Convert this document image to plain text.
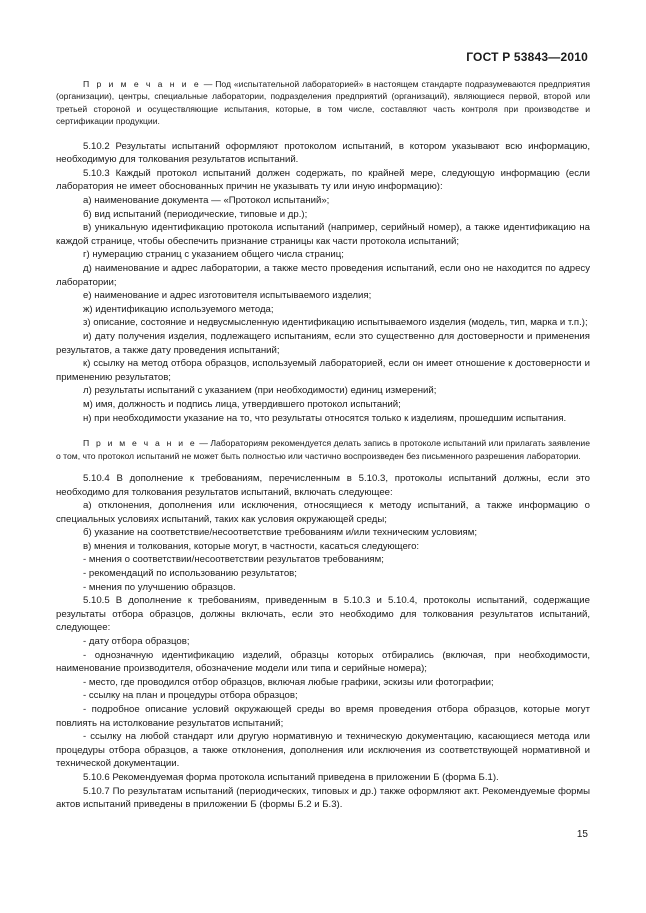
ГОСТ Р 53843—2010

П р и м е ч а н и е — Под «испытательной лабораторией» в настоящем стандарте подразумеваются предприятия (организации), центры, специальные лаборатории, подразделения предприятий (организаций), являющиеся первой, второй или третьей стороной и осуществляющие испытания, которые, в том числе, составляют часть контроля при производстве и сертификации продукции.

5.10.2 Результаты испытаний оформляют протоколом испытаний, в котором указывают всю информацию, необходимую для толкования результатов испытаний.

5.10.3 Каждый протокол испытаний должен содержать, по крайней мере, следующую информацию (если лаборатория не имеет обоснованных причин не указывать ту или иную информацию):

а) наименование документа — «Протокол испытаний»;

б) вид испытаний (периодические, типовые и др.);

в) уникальную идентификацию протокола испытаний (например, серийный номер), а также идентификацию на каждой странице, чтобы обеспечить признание страницы как части протокола испытаний;

г) нумерацию страниц с указанием общего числа страниц;

д) наименование и адрес лаборатории, а также место проведения испытаний, если оно не находится по адресу лаборатории;

е) наименование и адрес изготовителя испытываемого изделия;

ж) идентификацию используемого метода;

з) описание, состояние и недвусмысленную идентификацию испытываемого изделия (модель, тип, марка и т.п.);

и) дату получения изделия, подлежащего испытаниям, если это существенно для достоверности и применения результатов, а также дату проведения испытаний;

к) ссылку на метод отбора образцов, используемый лабораторией, если он имеет отношение к достоверности и применению результатов;

л) результаты испытаний с указанием (при необходимости) единиц измерений;

м) имя, должность и подпись лица, утвердившего протокол испытаний;

н) при необходимости указание на то, что результаты относятся только к изделиям, прошедшим испытания.

П р и м е ч а н и е — Лабораториям рекомендуется делать запись в протоколе испытаний или прилагать заявление о том, что протокол испытаний не может быть полностью или частично воспроизведен без письменного разрешения лаборатории.

5.10.4 В дополнение к требованиям, перечисленным в 5.10.3, протоколы испытаний должны, если это необходимо для толкования результатов испытаний, включать следующее:

а) отклонения, дополнения или исключения, относящиеся к методу испытаний, а также информацию о специальных условиях испытаний, таких как условия окружающей среды;

б) указание на соответствие/несоответствие требованиям и/или техническим условиям;

в) мнения и толкования, которые могут, в частности, касаться следующего:

- мнения о соответствии/несоответствии результатов требованиям;

- рекомендаций по использованию результатов;

- мнения по улучшению образцов.

5.10.5 В дополнение к требованиям, приведенным в 5.10.3 и 5.10.4, протоколы испытаний, содержащие результаты отбора образцов, должны включать, если это необходимо для толкования результатов испытаний, следующее:

- дату отбора образцов;

- однозначную идентификацию изделий, образцы которых отбирались (включая, при необходимости, наименование производителя, обозначение модели или типа и серийные номера);

- место, где проводился отбор образцов, включая любые графики, эскизы или фотографии;

- ссылку на план и процедуры отбора образцов;

- подробное описание условий окружающей среды во время проведения отбора образцов, которые могут повлиять на истолкование результатов испытаний;

- ссылку на любой стандарт или другую нормативную и техническую документацию, касающиеся метода или процедуры отбора образцов, а также отклонения, дополнения или исключения из соответствующей нормативной и технической документации.

5.10.6 Рекомендуемая форма протокола испытаний приведена в приложении Б (форма Б.1).

5.10.7 По результатам испытаний (периодических, типовых и др.) также оформляют акт. Рекомендуемые формы актов испытаний приведены в приложении Б (формы Б.2 и Б.3).

15
